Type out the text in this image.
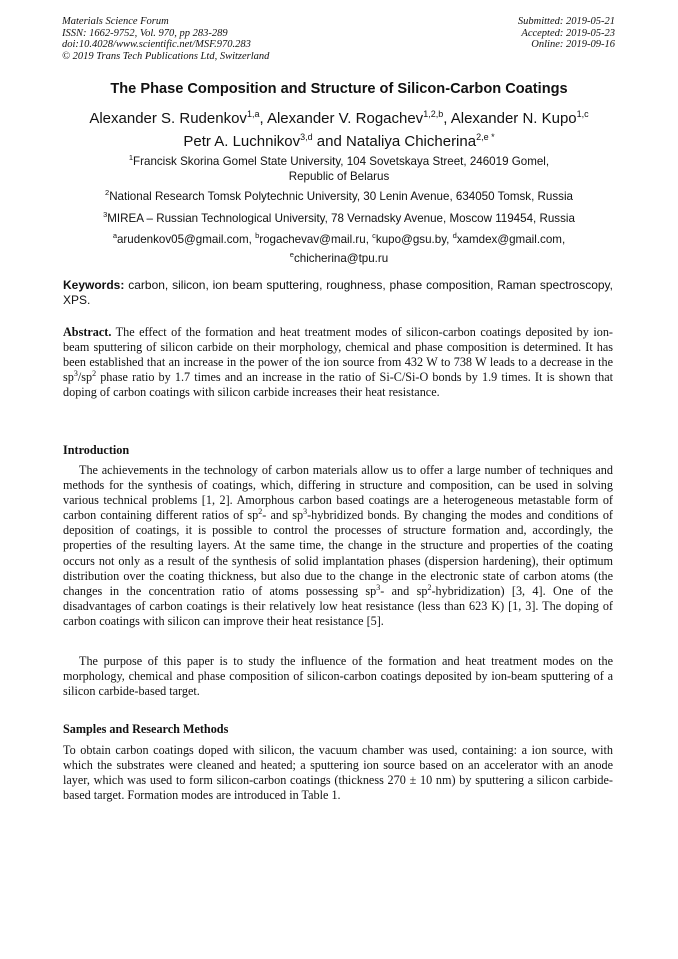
Materials Science Forum
ISSN: 1662-9752, Vol. 970, pp 283-289
doi:10.4028/www.scientific.net/MSF.970.283
© 2019 Trans Tech Publications Ltd, Switzerland
Submitted: 2019-05-21
Accepted: 2019-05-23
Online: 2019-09-16
The Phase Composition and Structure of Silicon-Carbon Coatings
Alexander S. Rudenkov$^{1,a}$, Alexander V. Rogachev$^{1,2,b}$, Alexander N. Kupo$^{1,c}$
Petr A. Luchnikov$^{3,d}$ and Nataliya Chicherina$^{2,e *}$
$^1$Francisk Skorina Gomel State University, 104 Sovetskaya Street, 246019 Gomel,
Republic of Belarus
$^2$National Research Tomsk Polytechnic University, 30 Lenin Avenue, 634050 Tomsk, Russia
$^3$MIREA – Russian Technological University, 78 Vernadsky Avenue, Moscow 119454, Russia
$^a$arudenkov05@gmail.com, $^b$rogachevav@mail.ru, $^c$kupo@gsu.by, $^d$xamdex@gmail.com,
$^e$chicherina@tpu.ru
Keywords: carbon, silicon, ion beam sputtering, roughness, phase composition, Raman spectroscopy, XPS.
Abstract. The effect of the formation and heat treatment modes of silicon-carbon coatings deposited by ion-beam sputtering of silicon carbide on their morphology, chemical and phase composition is determined. It has been established that an increase in the power of the ion source from 432 W to 738 W leads to a decrease in the $sp^3/sp^2$ phase ratio by 1.7 times and an increase in the ratio of Si-C/Si-O bonds by 1.9 times. It is shown that doping of carbon coatings with silicon carbide increases their heat resistance.
Introduction
The achievements in the technology of carbon materials allow us to offer a large number of techniques and methods for the synthesis of coatings, which, differing in structure and composition, can be used in solving various technical problems [1, 2]. Amorphous carbon based coatings are a heterogeneous metastable form of carbon containing different ratios of $sp^2-$ and $sp^3$-hybridized bonds. By changing the modes and conditions of deposition of coatings, it is possible to control the processes of structure formation and, accordingly, the properties of the resulting layers. At the same time, the change in the structure and properties of the coating occurs not only as a result of the synthesis of solid implantation phases (dispersion hardening), their optimum distribution over the coating thickness, but also due to the change in the electronic state of carbon atoms (the changes in the concentration ratio of atoms possessing $sp^3-$ and $sp^2-hybridization$) [3, 4]. One of the disadvantages of carbon coatings is their relatively low heat resistance (less than 623 K) [1, 3]. The doping of carbon coatings with silicon can improve their heat resistance [5].
The purpose of this paper is to study the influence of the formation and heat treatment modes on the morphology, chemical and phase composition of silicon-carbon coatings deposited by ion-beam sputtering of a silicon carbide-based target.
Samples and Research Methods
To obtain carbon coatings doped with silicon, the vacuum chamber was used, containing: a ion source, with which the substrates were cleaned and heated; a sputtering ion source based on an accelerator with an anode layer, which was used to form silicon-carbon coatings (thickness 270 ± 10 nm) by sputtering a silicon carbide-based target. Formation modes are introduced in Table 1.
